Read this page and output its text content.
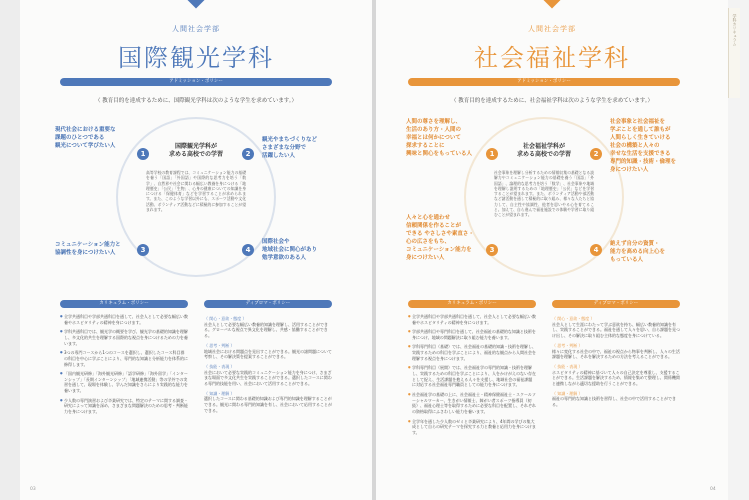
人間社会学部
国際観光学科
アドミッション・ポリシー
（ 教育目的を達成するために、国際観光学科は次のような学生を求めています。）
国際観光学科が
求める高校での学習
高等学校の教育課程では、コミュニケーション能力の基礎を養う「国語」「外国語」や国際的な思考力を培う「数学」、自然界や社会に関わる幅広い教養を身につける「地理歴史」「公民」「生物」、心身の健康についての知識を身につける「保健体育」などを学習することが求められます。また、このような学習以外にも、スポーツ活動や文化活動、ボランティア活動などに積極的に参加することが望まれます。
現代社会における重要な
課題のひとつである
観光について学びたい人
1	2
観光やまちづくりなど
さまざまな分野で
活躍したい人
コミュニケーション能力と
協調性を身につけたい人	3	4
国際社会や
地域社会に関心があり
勉学意欲のある人
カリキュラム・ポリシー
● 全学共通科目や学部共通科目を通して、社会人として必要な幅広い教養やホスピタリティの精神を身につけます。
● 学科共通科目では、観光学の概要を学び、観光学の基礎的知識を理解し、多文化的共生を理解する国際的な視点を身につけるための力を養います。
● 3つの専門コースから1つのコースを選択し、選択したコース科目群の科目を中心に学ぶことにより、専門的な知識と分析能力を体系的に修得します。
● 「国内観光研修」「海外観光研修」「語学研修」「海外留学」「インターンシップ」「長期インターンシップ」「地域連携活動」等の学外での実習を通して、現場を体験し、学んだ知識をさらにより実践的な能力を養います。
● 少人数の専門演習および卒業研究では、特定のテーマに関する調査・研究によって知識を深め、さまざまな問題解決のための思考・判断能力を身につけます。
ディプロマ・ポリシー
（ 関心・意欲・態度 ）
社会人として必要な幅広い教養的知識を理解し、活用することができる。グローバルな視点で異文化を理解し、共感・協働することができる。
（ 思考・判断 ）
地域社会における問題点を見出すことができる。観光の諸問題について考察し、その解決策を提案することができる。
（ 技能・表現 ）
社会において必要な実践的コミュニケーション能力を身につけ、さまざまな場面で多文化共生を実践することができる。選択したコースに関わる専門的技能を用い、社会において活用することができる。
（ 知識・理解 ）
選択したコースに関わる基礎的知識および専門的知識を理解することができる。観光に関わる専門的知識を有し、社会において応用することができる。
03
人間社会学部
社会福祉学科
アドミッション・ポリシー
（ 教育目的を達成するために、社会福祉学科は次のような学生を求めています。）
社会福祉学科が
求める高校での学習
社会事象を理解し分析するための情報収集の基礎となる読解力やコミュニケーション能力の基礎を養う「国語」「外国語」、論理的な思考力を培う「数学」、社会事象や地域を理解し説明するための「地理歴史」「公民」などを学習することが望まれます。また、ボランティア活動や部活動など諸活動を通して積極的に取り組み、様々な人たちと協力して、自主性や協調性、他者を思いやる心を育てること。加えて、自ら進んで福祉施設での体験や学習に取り組むことが望まれます。
人間の尊さを理解し、
生活のあり方・人間の
幸福とは何かについて
探求することに
興味と関心をもっている人	1	2
社会事象と社会福祉を
学ぶことを通して誰もが
人間らしく生きていける
社会の構築と人々の
幸せな生活を支援できる
専門的知識・技術・倫理を
身につけたい人
人々と心を通わせ
信頼関係を作ることが
できる やさしさや素直さ・
心の広さをもち、
コミュニケーション能力を
身につけたい人
3	4
絶えず自分の資質・
能力を高める向上心を
もっている人
カリキュラム・ポリシー
● 全学共通科目や学部共通科目を通して、社会人として必要な幅広い教養やホスピタリティの精神を身につけます。
● 学部共通科目や専門科目を通して、社会福祉の基礎的な知識と技術を身につけ、地域の問題解決に取り組む能力を養います。
● 学科専門科目（基礎）では、社会福祉の基礎的知識・技術を理解し、実践するための科目を学ぶことにより、福祉的な観点から人間社会を理解する視点を身につけます。
● 学科専門科目（展開）では、社会福祉学の専門的知識・技術を理解し、実践するための科目を学ぶことにより、人をかけがえのない存在として捉え、生活課題を抱える人々を支援し、地域社会の福祉課題に対応する社会福祉専門職員としての能力を身につけます。
● 社会福祉学の基礎の上に、社会福祉士・精神保健福祉士・スクールソーシャルワーカー、生きがい情報士、障がい者スポーツ指導員（初級）、福祉心理士等を取得するために必要な科目を配置し、それぞれの資格取得にふさわしい能力を養います。
● 全学年を通した少人数のゼミと卒業研究により、4年間の学びの集大成として自らの研究テーマを探究する力と教養と応用力を身につけます。
ディプロマ・ポリシー
（ 関心・意欲・態度 ）
社会人として生涯にわたって学ぶ意欲を持ち、幅広い教養的知識を有し、実践することができる。福祉を通して人々を思い、自ら課題を見つけ出し、その解決に取り組む主体的な態度を身につけている。
（ 思考・判断 ）
様々に変化する社会の中で、福祉の視点から物事を判断し、人々の生活課題を理解し、それを解決するための方法を考えることができる。
（ 技能・表現 ）
ホスピタリティの精神に基づいて人々の自己決定を尊重し、支援することができる。生活課題を解決するため、情報を集めて整理し、関係機関と連携しながら適切な援助を行うことができる。
（ 知識・理解 ）
福祉の専門的な知識と技術を習得し、社会の中で活用することができる。
04
学科カリキュラム
